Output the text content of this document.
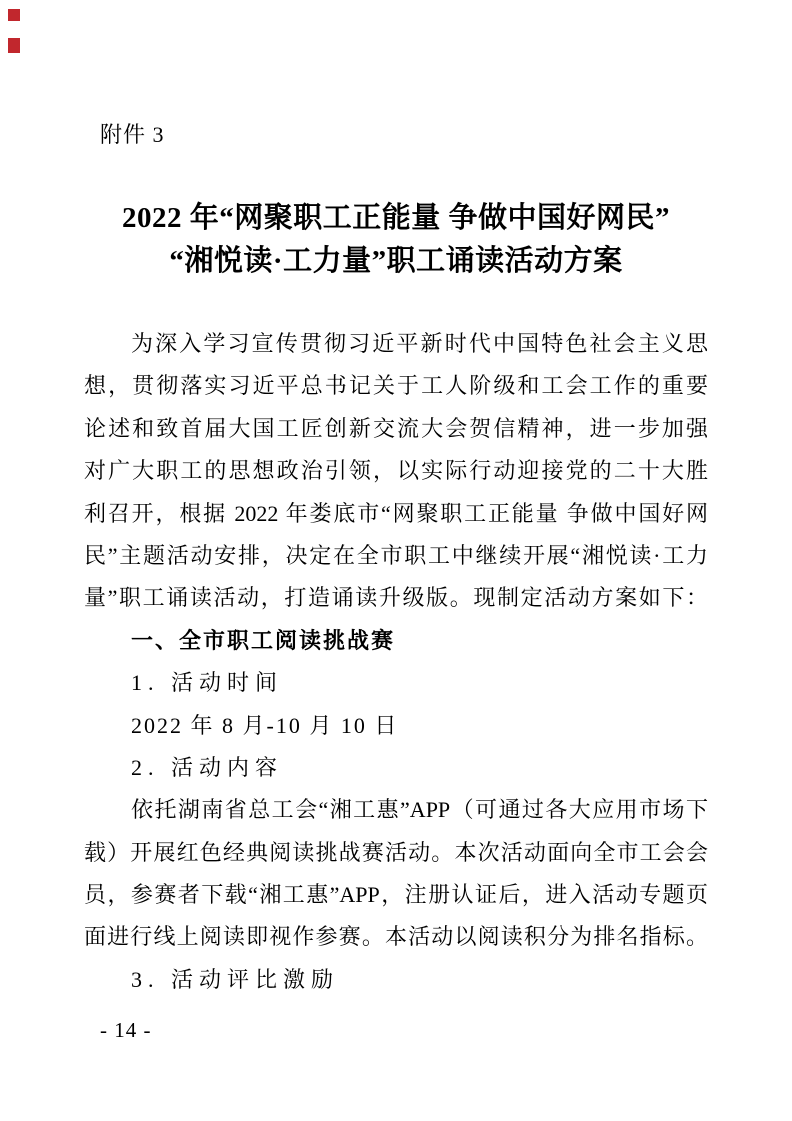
附件 3
2022 年“网聚职工正能量 争做中国好网民”
“湘悦读·工力量”职工诵读活动方案
为深入学习宣传贯彻习近平新时代中国特色社会主义思
想，贯彻落实习近平总书记关于工人阶级和工会工作的重要
论述和致首届大国工匠创新交流大会贺信精神，进一步加强
对广大职工的思想政治引领，以实际行动迎接党的二十大胜
利召开，根据 2022 年娄底市“网聚职工正能量 争做中国好网
民”主题活动安排，决定在全市职工中继续开展“湘悦读·工力
量”职工诵读活动，打造诵读升级版。现制定活动方案如下：
一、全市职工阅读挑战赛
1. 活动时间
2022 年 8 月-10 月 10 日
2. 活动内容
依托湖南省总工会“湘工惠”APP（可通过各大应用市场下
载）开展红色经典阅读挑战赛活动。本次活动面向全市工会会
员，参赛者下载“湘工惠”APP，注册认证后，进入活动专题页
面进行线上阅读即视作参赛。本活动以阅读积分为排名指标。
3. 活动评比激励
- 14 -
